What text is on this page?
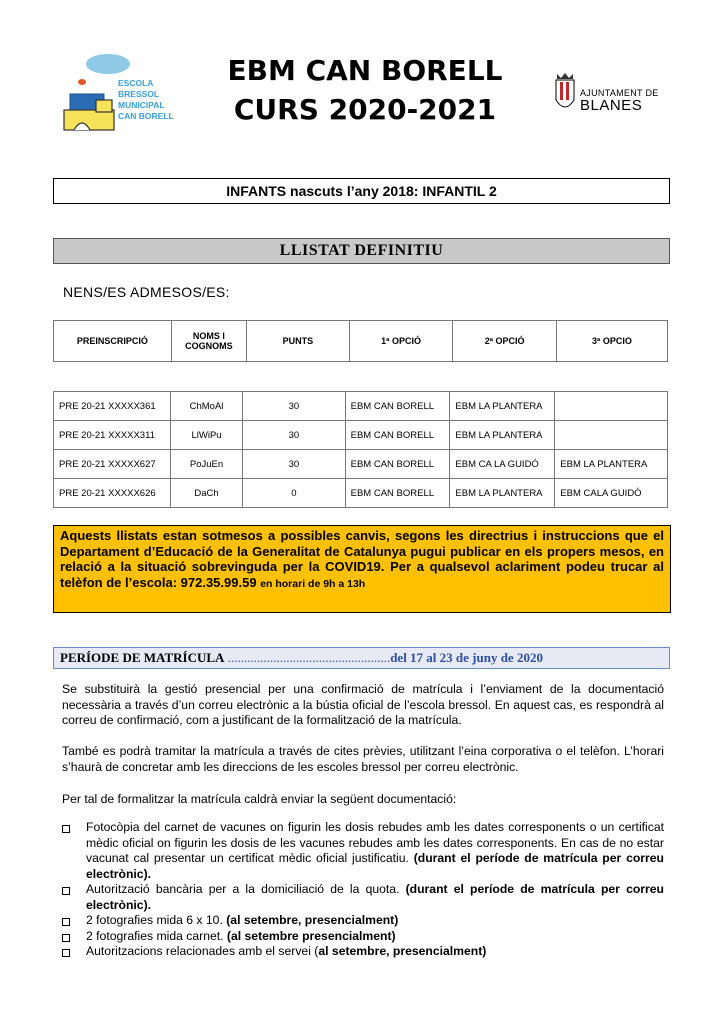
ESCOLA
BRESSOL
MUNICIPAL
CAN BORELL
EBM CAN BORELL
CURS 2020-2021	AJUNTAMENT DE
BLANES
INFANTS nascuts l’any 2018: INFANTIL 2
LLISTAT DEFINITIU
NENS/ES ADMESOS/ES:
PREINSCRIPCIÓ	NOMS I COGNOMS	PUNTS	1ª OPCIÓ	2ª OPCIÓ	3ª OPCIO
PRE 20-21 XXXXX361	ChMoAl	30	EBM CAN BORELL	EBM LA PLANTERA	
PRE 20-21 XXXXX311	LlWiPu	30	EBM CAN BORELL	EBM LA PLANTERA	
PRE 20-21 XXXXX627	PoJuEn	30	EBM CAN BORELL	EBM CA LA GUIDÓ	EBM LA PLANTERA
PRE 20-21 XXXXX626	DaCh	0	EBM CAN BORELL	EBM LA PLANTERA	EBM CALA GUIDÓ
Aquests llistats estan sotmesos a possibles canvis, segons les directrius i instruccions que el Departament d’Educació de la Generalitat de Catalunya pugui publicar en els propers mesos, en relació a la situació sobrevinguda per la COVID19. Per a qualsevol aclariment podeu trucar al telèfon de l’escola: 972.35.99.59 en horari de 9h a 13h
PERÍODE DE MATRÍCULA ..................................................del 17 al 23 de juny de 2020
Se substituirà la gestió presencial per una confirmació de matrícula i l’enviament de la documentació necessària a través d’un correu electrònic a la bústia oficial de l’escola bressol. En aquest cas, es respondrà al correu de confirmació, com a justificant de la formalització de la matrícula.
També es podrà tramitar la matrícula a través de cites prèvies, utilitzant l’eina corporativa o el telèfon. L’horari s’haurà de concretar amb les direccions de les escoles bressol per correu electrònic.
Per tal de formalitzar la matrícula caldrà enviar la següent documentació:
Fotocòpia del carnet de vacunes on figurin les dosis rebudes amb les dates corresponents o un certificat mèdic oficial on figurin les dosis de les vacunes rebudes amb les dates corresponents. En cas de no estar vacunat cal presentar un certificat mèdic oficial justificatiu. (durant el període de matrícula per correu electrònic).
Autorització bancària per a la domiciliació de la quota. (durant el període de matrícula per correu electrònic).
2 fotografies mida 6 x 10. (al setembre, presencialment)
2 fotografies mida carnet. (al setembre presencialment)
Autoritzacions relacionades amb el servei (al setembre, presencialment)
